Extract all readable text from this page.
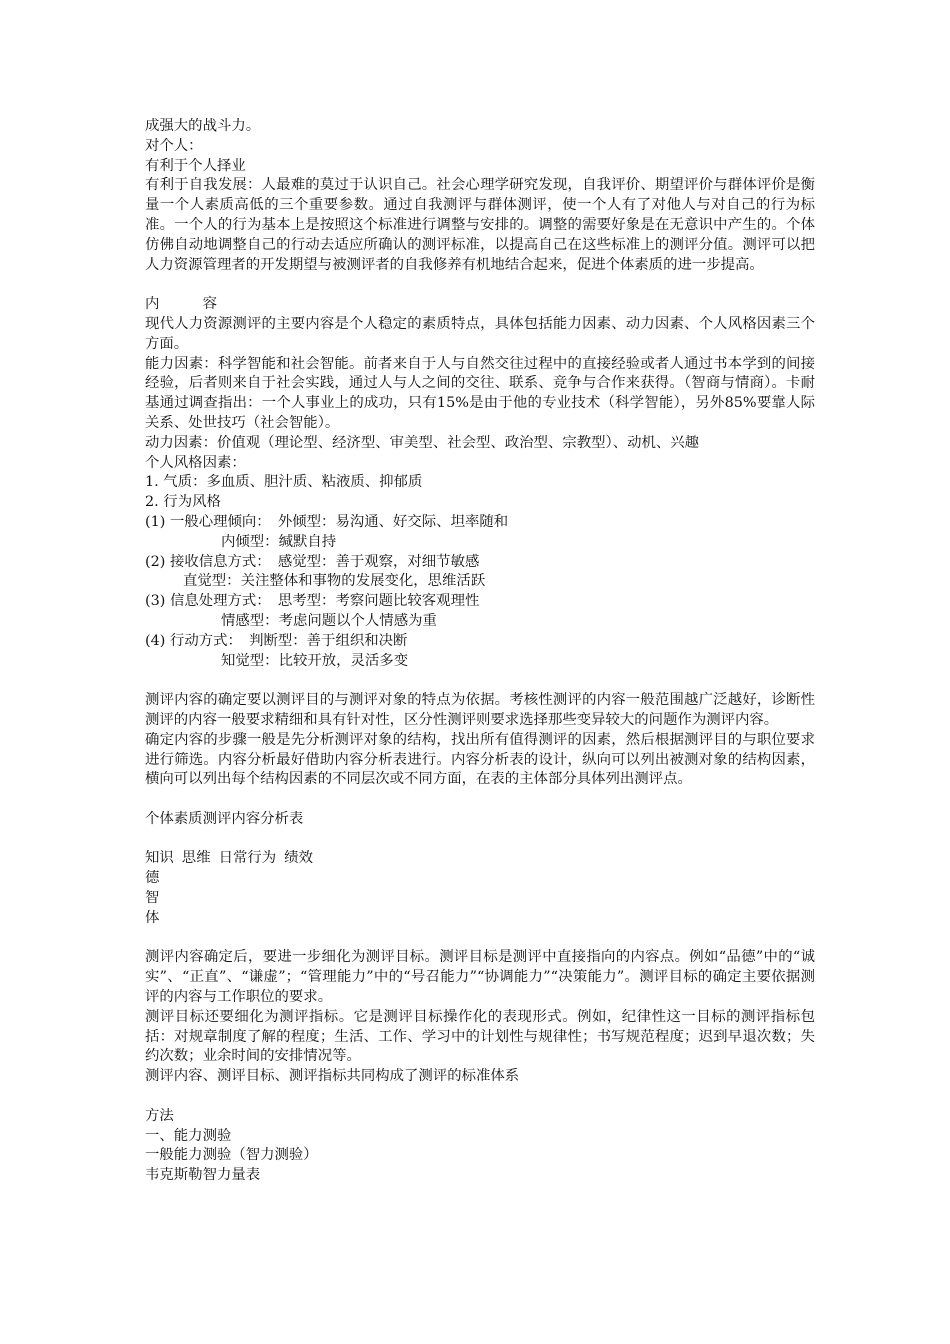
成强大的战斗力。

对个人：

有利于个人择业

有利于自我发展：人最难的莫过于认识自己。社会心理学研究发现，自我评价、期望评价与群体评价是衡量一个人素质高低的三个重要参数。通过自我测评与群体测评，使一个人有了对他人与对自己的行为标准。一个人的行为基本上是按照这个标准进行调整与安排的。调整的需要好象是在无意识中产生的。个体仿佛自动地调整自己的行动去适应所确认的测评标准，以提高自己在这些标准上的测评分值。测评可以把人力资源管理者的开发期望与被测评者的自我修养有机地结合起来，促进个体素质的进一步提高。

内　　　容

现代人力资源测评的主要内容是个人稳定的素质特点，具体包括能力因素、动力因素、个人风格因素三个方面。

能力因素：科学智能和社会智能。前者来自于人与自然交往过程中的直接经验或者人通过书本学到的间接经验，后者则来自于社会实践，通过人与人之间的交往、联系、竞争与合作来获得。（智商与情商）。卡耐基通过调查指出：一个人事业上的成功，只有15%是由于他的专业技术（科学智能），另外85%要靠人际关系、处世技巧（社会智能）。

动力因素：价值观（理论型、经济型、审美型、社会型、政治型、宗教型）、动机、兴趣

个人风格因素：

1. 气质：多血质、胆汁质、粘液质、抑郁质

2. 行为风格

(1) 一般心理倾向：　外倾型：易沟通、好交际、坦率随和

内倾型：缄默自持

(2) 接收信息方式：　感觉型：善于观察，对细节敏感

直觉型：关注整体和事物的发展变化，思维活跃

(3) 信息处理方式：　思考型：考察问题比较客观理性

情感型：考虑问题以个人情感为重

(4) 行动方式：　判断型：善于组织和决断

知觉型：比较开放，灵活多变

测评内容的确定要以测评目的与测评对象的特点为依据。考核性测评的内容一般范围越广泛越好，诊断性测评的内容一般要求精细和具有针对性，区分性测评则要求选择那些变异较大的问题作为测评内容。

确定内容的步骤一般是先分析测评对象的结构，找出所有值得测评的因素，然后根据测评目的与职位要求进行筛选。内容分析最好借助内容分析表进行。内容分析表的设计，纵向可以列出被测对象的结构因素，横向可以列出每个结构因素的不同层次或不同方面，在表的主体部分具体列出测评点。

个体素质测评内容分析表

知识 思维 日常行为 绩效

德

智

体

测评内容确定后，要进一步细化为测评目标。测评目标是测评中直接指向的内容点。例如“品德”中的“诚实”、“正直”、“谦虚”；“管理能力”中的“号召能力”“协调能力”“决策能力”。测评目标的确定主要依据测评的内容与工作职位的要求。

测评目标还要细化为测评指标。它是测评目标操作化的表现形式。例如，纪律性这一目标的测评指标包括：对规章制度了解的程度；生活、工作、学习中的计划性与规律性；书写规范程度；迟到早退次数；失约次数；业余时间的安排情况等。

测评内容、测评目标、测评指标共同构成了测评的标准体系

方法

一、能力测验

一般能力测验（智力测验）

韦克斯勒智力量表
